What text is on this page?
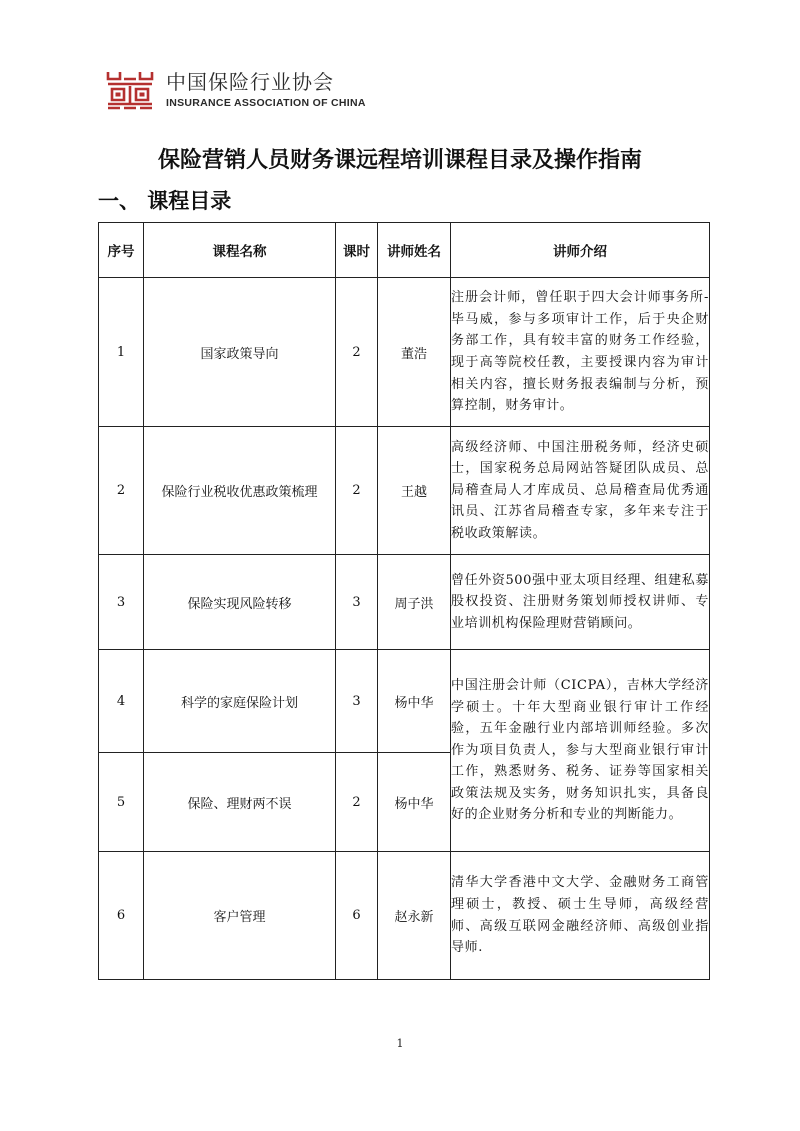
中国保险行业协会
INSURANCE ASSOCIATION OF CHINA
保险营销人员财务课远程培训课程目录及操作指南
一、 课程目录
序号	课程名称	课时	讲师姓名	讲师介绍
1	国家政策导向	2	董浩	注册会计师，曾任职于四大会计师事务所-毕马威，参与多项审计工作，后于央企财务部工作，具有较丰富的财务工作经验，现于高等院校任教，主要授课内容为审计相关内容，擅长财务报表编制与分析，预算控制，财务审计。
2	保险行业税收优惠政策梳理	2	王越	高级经济师、中国注册税务师，经济史硕士，国家税务总局网站答疑团队成员、总局稽查局人才库成员、总局稽查局优秀通讯员、江苏省局稽查专家，多年来专注于税收政策解读。
3	保险实现风险转移	3	周子洪	曾任外资500强中亚太项目经理、组建私募股权投资、注册财务策划师授权讲师、专业培训机构保险理财营销顾问。
4	科学的家庭保险计划	3	杨中华	中国注册会计师（CICPA），吉林大学经济学硕士。十年大型商业银行审计工作经验，五年金融行业内部培训师经验。多次作为项目负责人，参与大型商业银行审计工作，熟悉财务、税务、证券等国家相关政策法规及实务，财务知识扎实，具备良好的企业财务分析和专业的判断能力。
5	保险、理财两不误	2	杨中华	
6	客户管理	6	赵永新	清华大学香港中文大学、金融财务工商管理硕士，教授、硕士生导师，高级经营师、高级互联网金融经济师、高级创业指导师.
1
